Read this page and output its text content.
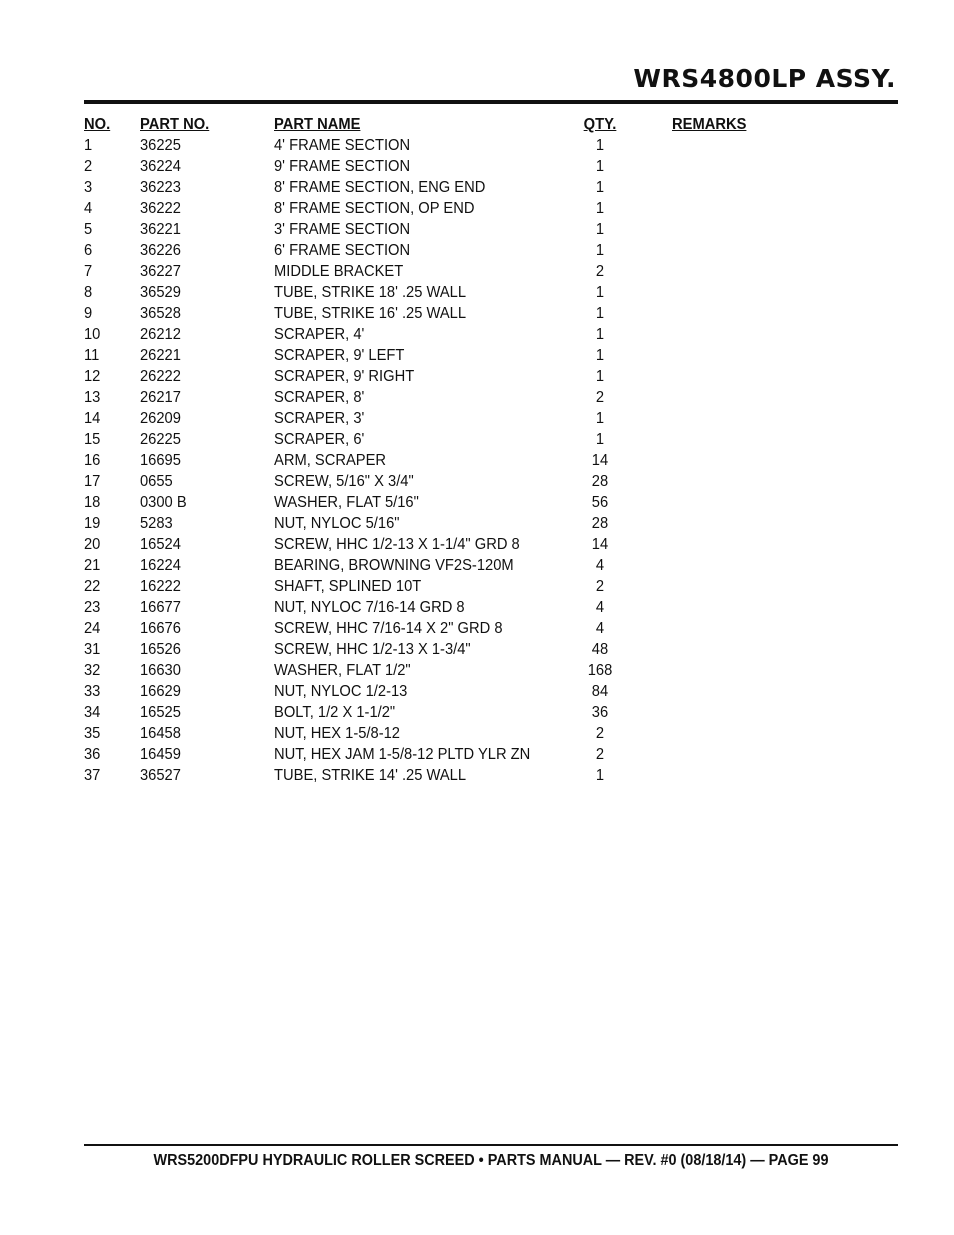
WRS4800LP ASSY.
NO. PART NO.	PART NAME	QTY.	REMARKS
1	36225	4' FRAME SECTION	1
2	36224	9' FRAME SECTION	1
3	36223	8' FRAME SECTION, ENG END	1
4	36222	8' FRAME SECTION, OP END	1
5	36221	3' FRAME SECTION	1
6	36226	6' FRAME SECTION	1
7	36227	MIDDLE BRACKET	2
8	36529	TUBE, STRIKE 18' .25 WALL	1
9	36528	TUBE, STRIKE 16' .25 WALL	1
10 26212	SCRAPER, 4'	1
11	26221	SCRAPER, 9' LEFT	1
12 26222	SCRAPER, 9' RIGHT	1
13 26217	SCRAPER, 8'	2
14 26209	SCRAPER, 3'	1
15 26225	SCRAPER, 6'	1
16 16695	ARM, SCRAPER	14
17 0655	SCREW, 5/16" X 3/4"	28
18 0300 B	WASHER, FLAT 5/16"	56
19 5283	NUT, NYLOC 5/16"	28
20 16524	SCREW, HHC 1/2-13 X 1-1/4" GRD 8	14
21 16224	BEARING, BROWNING VF2S-120M	4
22 16222	SHAFT, SPLINED 10T	2
23 16677	NUT, NYLOC 7/16-14 GRD 8	4
24 16676	SCREW, HHC 7/16-14 X 2" GRD 8	4
31 16526	SCREW, HHC 1/2-13 X 1-3/4"	48
32 16630	WASHER, FLAT 1/2"	168
33 16629	NUT, NYLOC 1/2-13	84
34 16525	BOLT, 1/2 X 1-1/2"	36
35 16458	NUT, HEX 1-5/8-12	2
36 16459	NUT, HEX JAM 1-5/8-12 PLTD YLR ZN	2
37 36527	TUBE, STRIKE 14' .25 WALL	1
WRS5200DFPU HYDRAULIC ROLLER SCREED • PARTS MANUAL — REV. #0 (08/18/14) — PAGE 99
